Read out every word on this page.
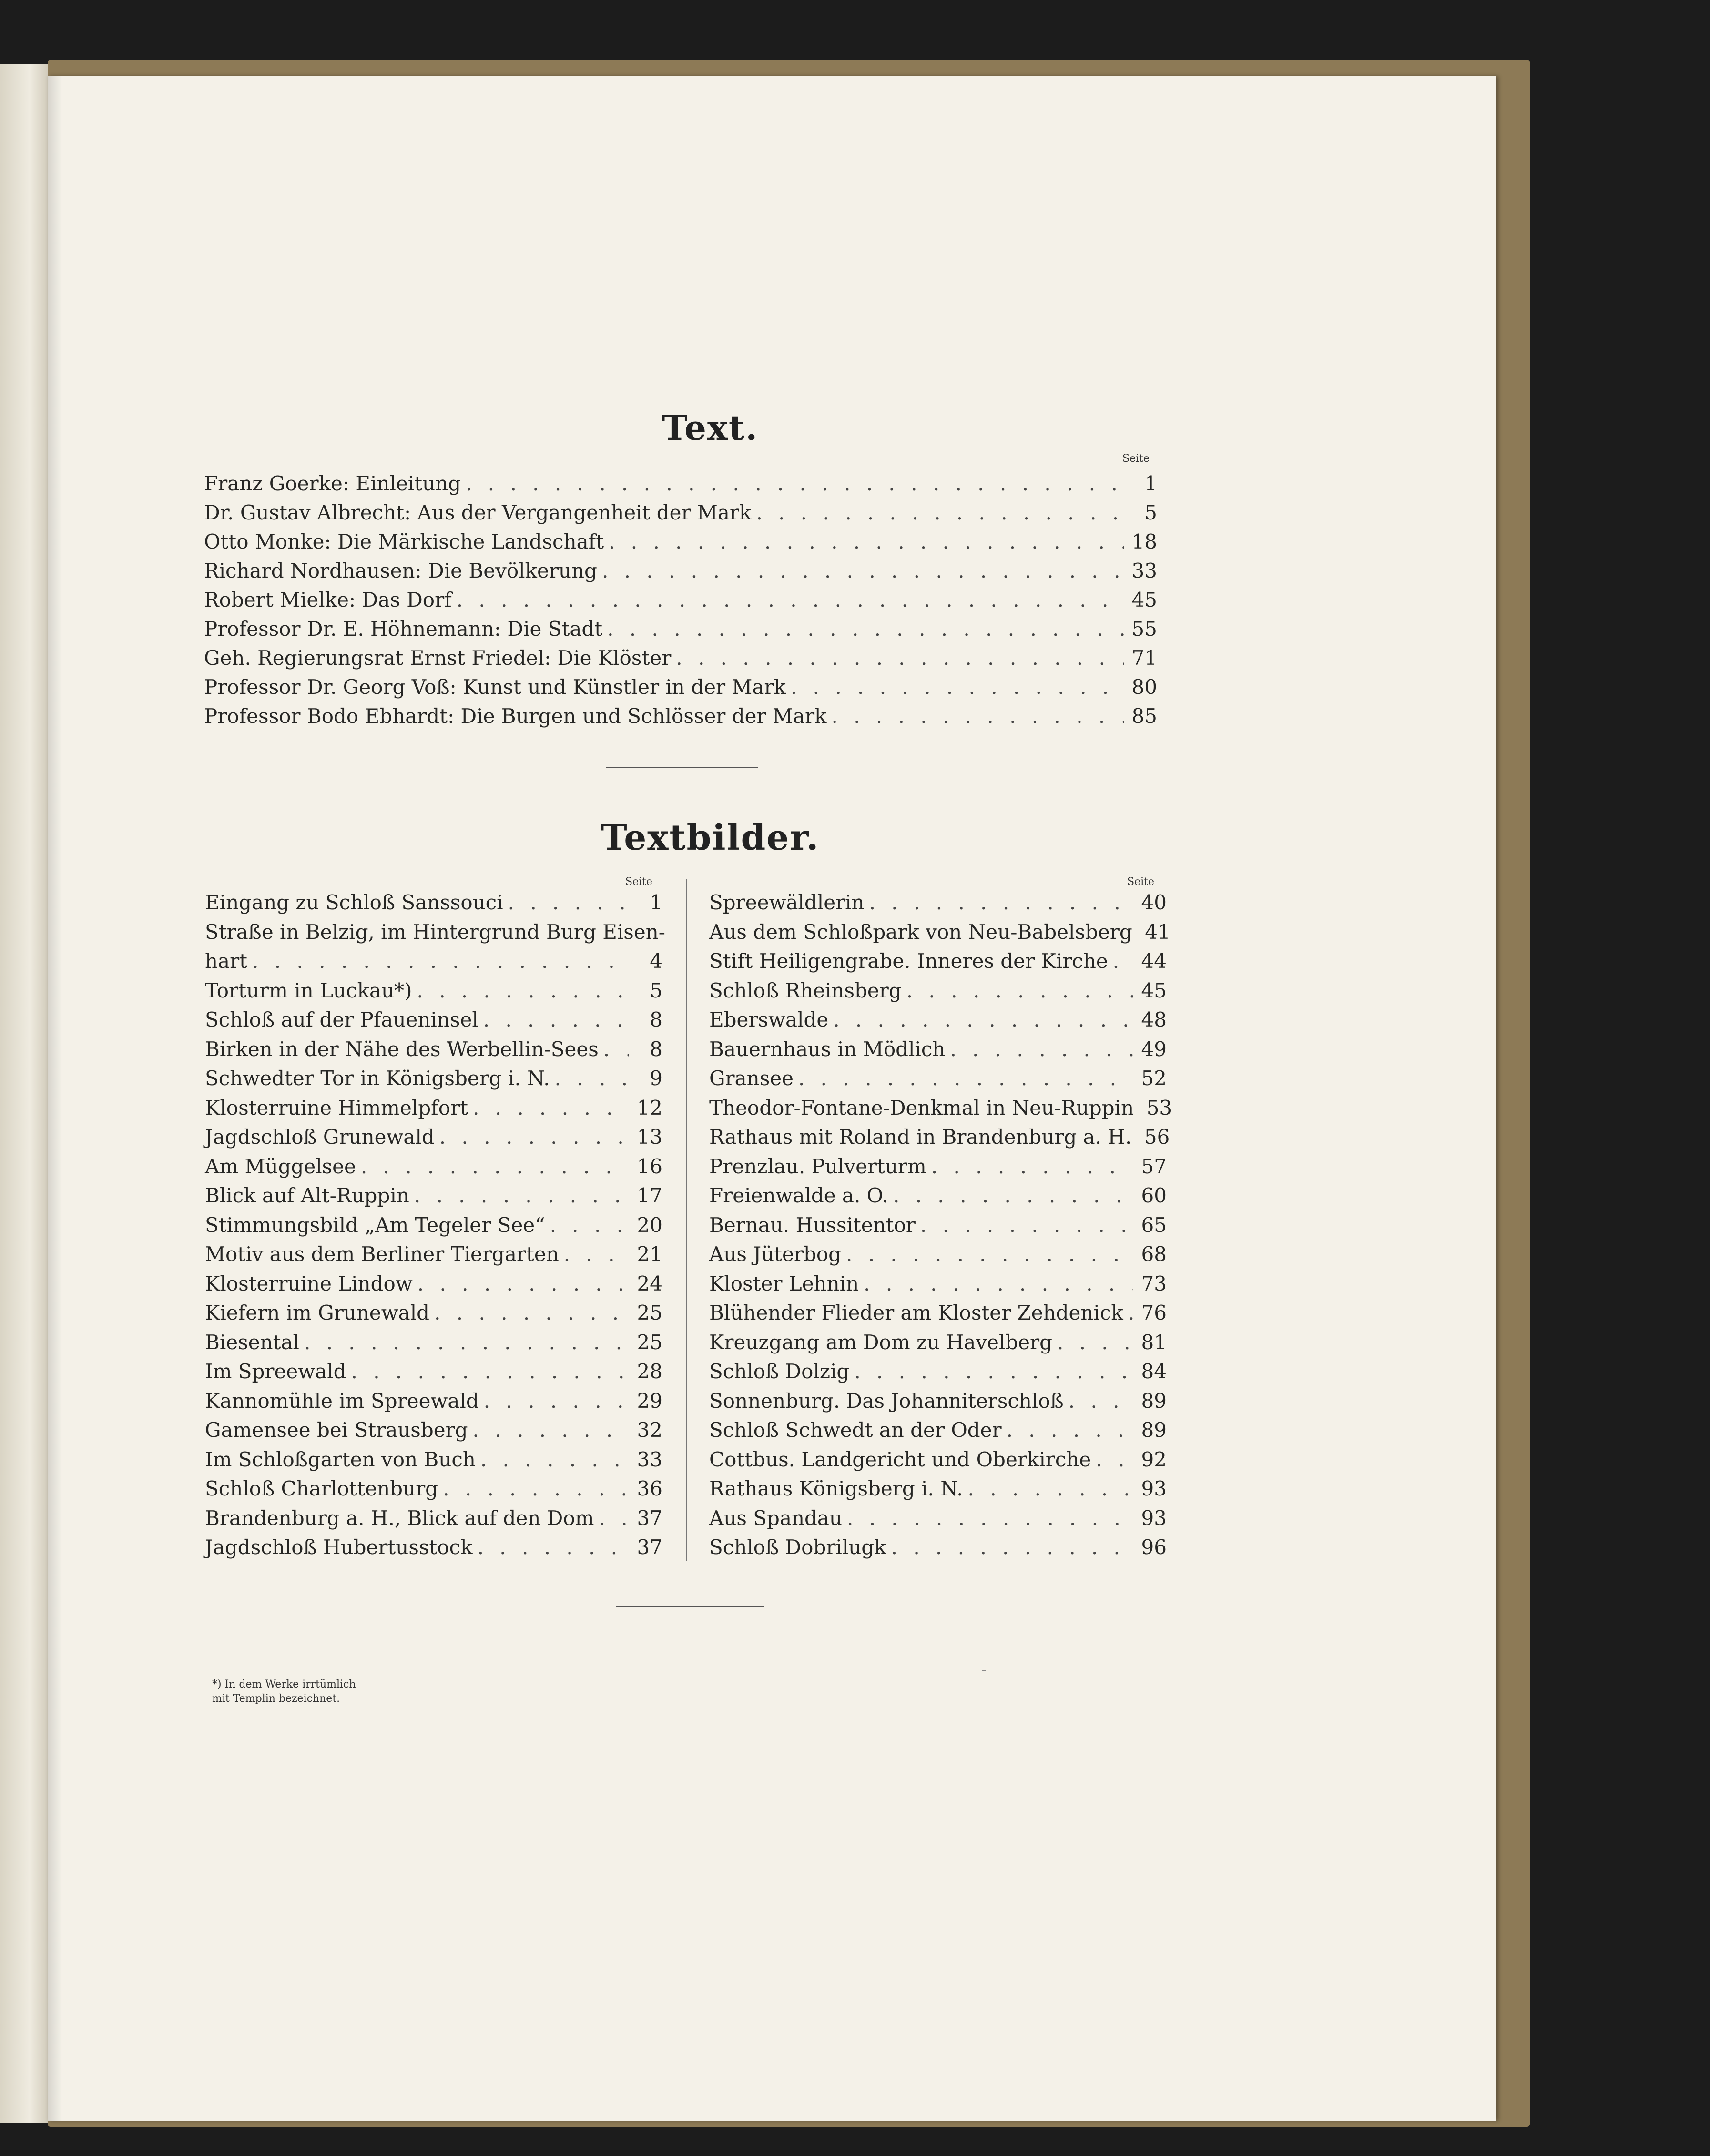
Text.
Seite
Franz Goerke: Einleitung . . .	1
Dr. Gustav Albrecht: Aus der Vergangenheit der Mark . . .	5
Otto Monke: Die Märkische Landschaft . . .	18
Richard Nordhausen: Die Bevölkerung . . .	33
Robert Mielke: Das Dorf . . .	45
Professor Dr. E. Höhnemann: Die Stadt . . .	55
Geh. Regierungsrat Ernst Friedel: Die Klöster . . .	71
Professor Dr. Georg Voß: Kunst und Künstler in der Mark . . .	80
Professor Bodo Ebhardt: Die Burgen und Schlösser der Mark . . .	85
Textbilder.
Seite	Seite
Eingang zu Schloß Sanssouci . . .	1
Straße in Belzig, im Hintergrund Burg Eisen-
hart . . .	4
Torturm in Luckau*) . . .	5
Schloß auf der Pfaueninsel . . .	8
Birken in der Nähe des Werbellin-Sees . . .	8
Schwedter Tor in Königsberg i. N. . . .	9
Klosterruine Himmelpfort . . .	12
Jagdschloß Grunewald . . .	13
Am Müggelsee . . .	16
Blick auf Alt-Ruppin . . .	17
Stimmungsbild „Am Tegeler See“ . . .	20
Motiv aus dem Berliner Tiergarten . . .	21
Klosterruine Lindow . . .	24
Kiefern im Grunewald . . .	25
Biesental . . .	25
Im Spreewald . . .	28
Kannomühle im Spreewald . . .	29
Gamensee bei Strausberg . . .	32
Im Schloßgarten von Buch . . .	33
Schloß Charlottenburg . . .	36
Brandenburg a. H., Blick auf den Dom . . . 37
Jagdschloß Hubertusstock . . .	37
Spreewäldlerin . . .	40
Aus dem Schloßpark von Neu-Babelsberg 41
Stift Heiligengrabe. Inneres der Kirche . . . 44
Schloß Rheinsberg . . .	45
Eberswalde . . .	48
Bauernhaus in Mödlich . . .	49
Gransee . . .	52
Theodor-Fontane-Denkmal in Neu-Ruppin 53
Rathaus mit Roland in Brandenburg a. H. 56
Prenzlau. Pulverturm . . .	57
Freienwalde a. O. . . .	60
Bernau. Hussitentor . . .	65
Aus Jüterbog . . .	68
Kloster Lehnin . . .	73
Blühender Flieder am Kloster Zehdenick . . . 76
Kreuzgang am Dom zu Havelberg . . .	81
Schloß Dolzig . . .	84
Sonnenburg. Das Johanniterschloß . . .	89
Schloß Schwedt an der Oder . . .	89
Cottbus. Landgericht und Oberkirche . . .	92
Rathaus Königsberg i. N. . . .	93
Aus Spandau . . .	93
Schloß Dobrilugk . . .	96
*) In dem Werke irrtümlich
mit Templin bezeichnet.
